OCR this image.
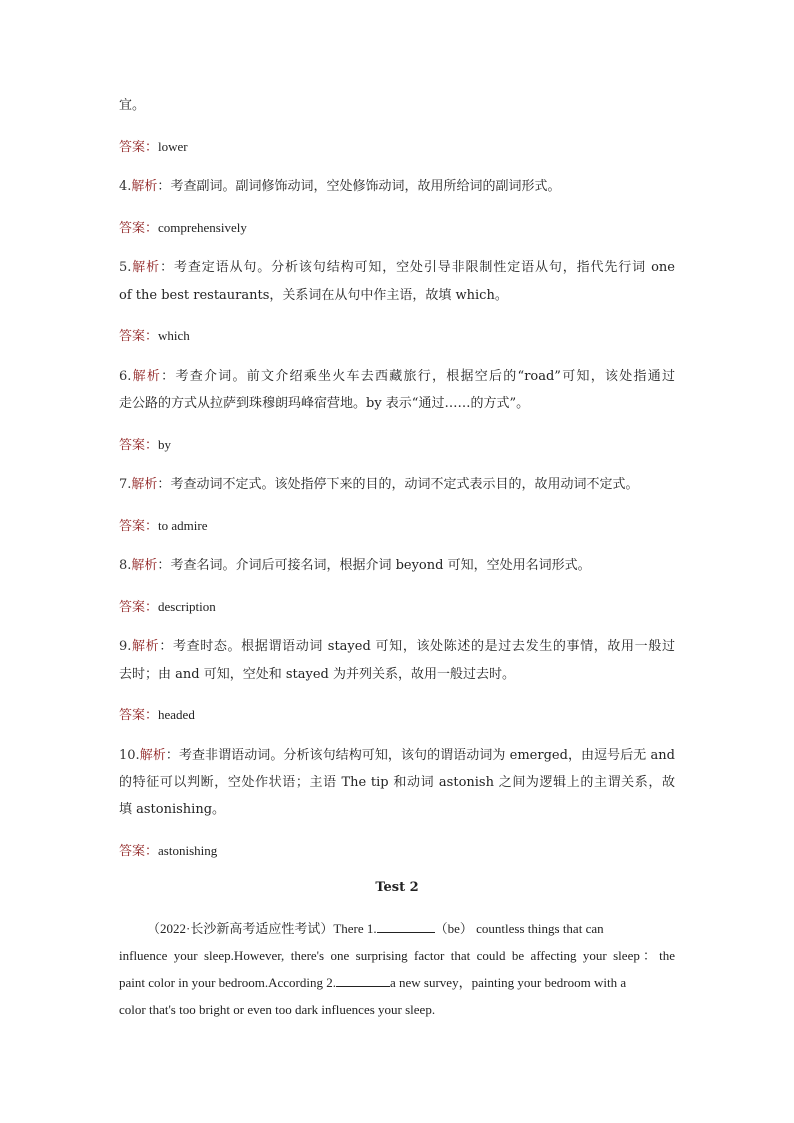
宜。
答案：lower
4.解析：考查副词。副词修饰动词，空处修饰动词，故用所给词的副词形式。
答案：comprehensively
5.解析：考查定语从句。分析该句结构可知，空处引导非限制性定语从句，指代先行词 one
of the best restaurants，关系词在从句中作主语，故填 which。
答案：which
6.解析：考查介词。前文介绍乘坐火车去西藏旅行，根据空后的“road”可知，该处指通过
走公路的方式从拉萨到珠穆朗玛峰宿营地。by 表示“通过……的方式”。
答案：by
7.解析：考查动词不定式。该处指停下来的目的，动词不定式表示目的，故用动词不定式。
答案：to admire
8.解析：考查名词。介词后可接名词，根据介词 beyond 可知，空处用名词形式。
答案：description
9.解析：考查时态。根据谓语动词 stayed 可知，该处陈述的是过去发生的事情，故用一般过
去时；由 and 可知，空处和 stayed 为并列关系，故用一般过去时。
答案：headed
10.解析：考查非谓语动词。分析该句结构可知，该句的谓语动词为 emerged，由逗号后无 and
的特征可以判断，空处作状语；主语 The tip 和动词 astonish 之间为逻辑上的主谓关系，故
填 astonishing。
答案：astonishing
Test 2
（2022·长沙新高考适应性考试）There 1.	（be） countless things that can
influence your sleep.However, there's one surprising factor that could be affecting your sleep：the
paint color in your bedroom.According 2.	a new survey，painting your bedroom with a
color that's too bright or even too dark influences your sleep.
